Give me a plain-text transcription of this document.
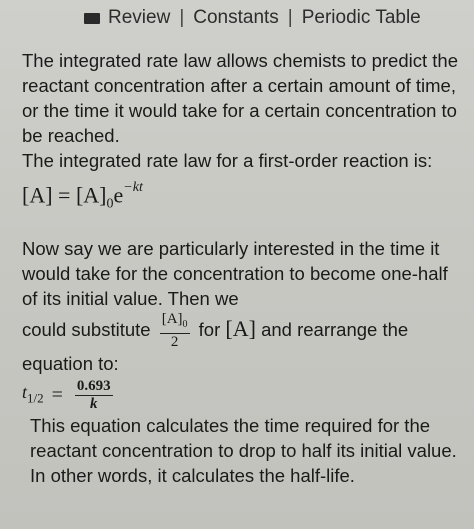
Review | Constants | Periodic Table

The integrated rate law allows chemists to predict the reactant concentration after a certain amount of time, or the time it would take for a certain concentration to be reached.

The integrated rate law for a first-order reaction is:

$[A] = [A]_0e^{-kt}$

Now say we are particularly interested in the time it would take for the concentration to become one-half of its initial value. Then we

could substitute $\frac{[A]_0}{2}$ for [A] and rearrange the

equation to:

$t_{1/2} = \frac{0.693}{k}$

This equation calculates the time required for the reactant concentration to drop to half its initial value. In other words, it calculates the half-life.
